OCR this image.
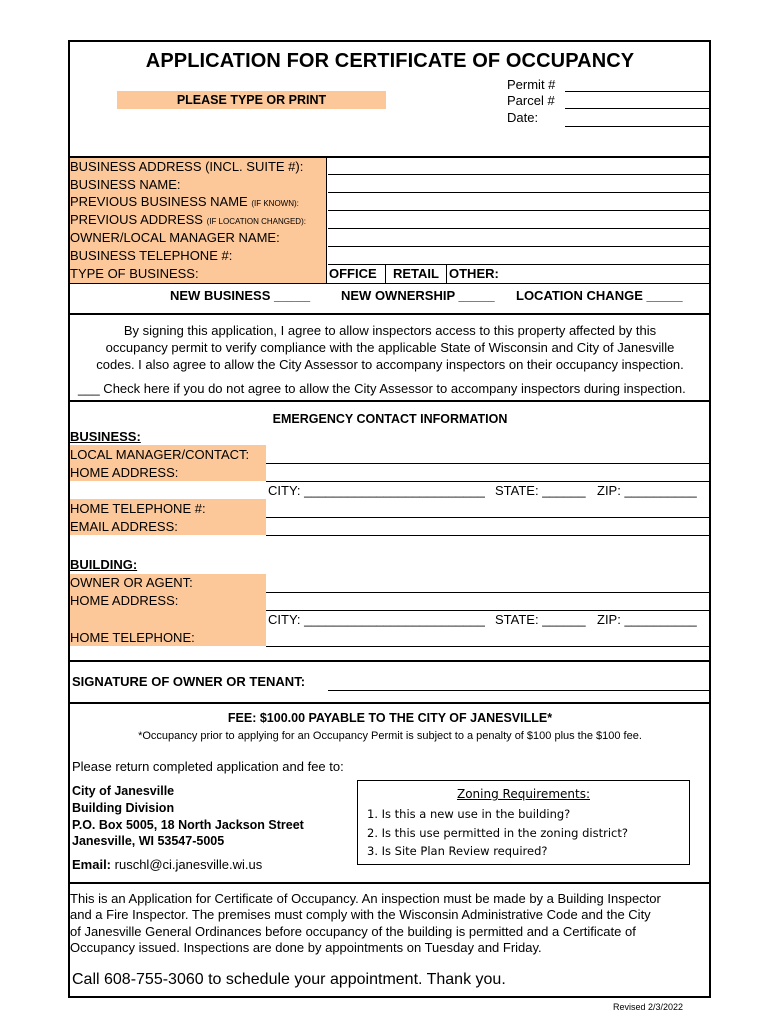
APPLICATION FOR CERTIFICATE OF OCCUPANCY
PLEASE TYPE OR PRINT
Permit #
Parcel #
Date:
BUSINESS ADDRESS (INCL. SUITE #):
BUSINESS NAME:
PREVIOUS BUSINESS NAME (IF KNOWN):
PREVIOUS ADDRESS (IF LOCATION CHANGED):
OWNER/LOCAL MANAGER NAME:
BUSINESS TELEPHONE #:
TYPE OF BUSINESS:	OFFICE RETAIL OTHER:
NEW BUSINESS _____ NEW OWNERSHIP _____ LOCATION CHANGE _____
By signing this application, I agree to allow inspectors access to this property affected by this
occupancy permit to verify compliance with the applicable State of Wisconsin and City of Janesville
codes. I also agree to allow the City Assessor to accompany inspectors on their occupancy inspection.
___ Check here if you do not agree to allow the City Assessor to accompany inspectors during inspection.
EMERGENCY CONTACT INFORMATION
BUSINESS:
LOCAL MANAGER/CONTACT:
HOME ADDRESS:
CITY: _________________________ STATE: ______ ZIP: __________
HOME TELEPHONE #:
EMAIL ADDRESS:
BUILDING:
OWNER OR AGENT:
HOME ADDRESS:
CITY: _________________________ STATE: ______ ZIP: __________
HOME TELEPHONE:
SIGNATURE OF OWNER OR TENANT:
FEE: $100.00 PAYABLE TO THE CITY OF JANESVILLE*
*Occupancy prior to applying for an Occupancy Permit is subject to a penalty of $100 plus the $100 fee.
Please return completed application and fee to:
City of Janesville
Building Division
P.O. Box 5005, 18 North Jackson Street
Janesville, WI 53547-5005
Email: ruschl@ci.janesville.wi.us
Zoning Requirements:
1. Is this a new use in the building?
2. Is this use permitted in the zoning district?
3. Is Site Plan Review required?
This is an Application for Certificate of Occupancy. An inspection must be made by a Building Inspector
and a Fire Inspector. The premises must comply with the Wisconsin Administrative Code and the City
of Janesville General Ordinances before occupancy of the building is permitted and a Certificate of
Occupancy issued. Inspections are done by appointments on Tuesday and Friday.
Call 608-755-3060 to schedule your appointment. Thank you.
Revised 2/3/2022
